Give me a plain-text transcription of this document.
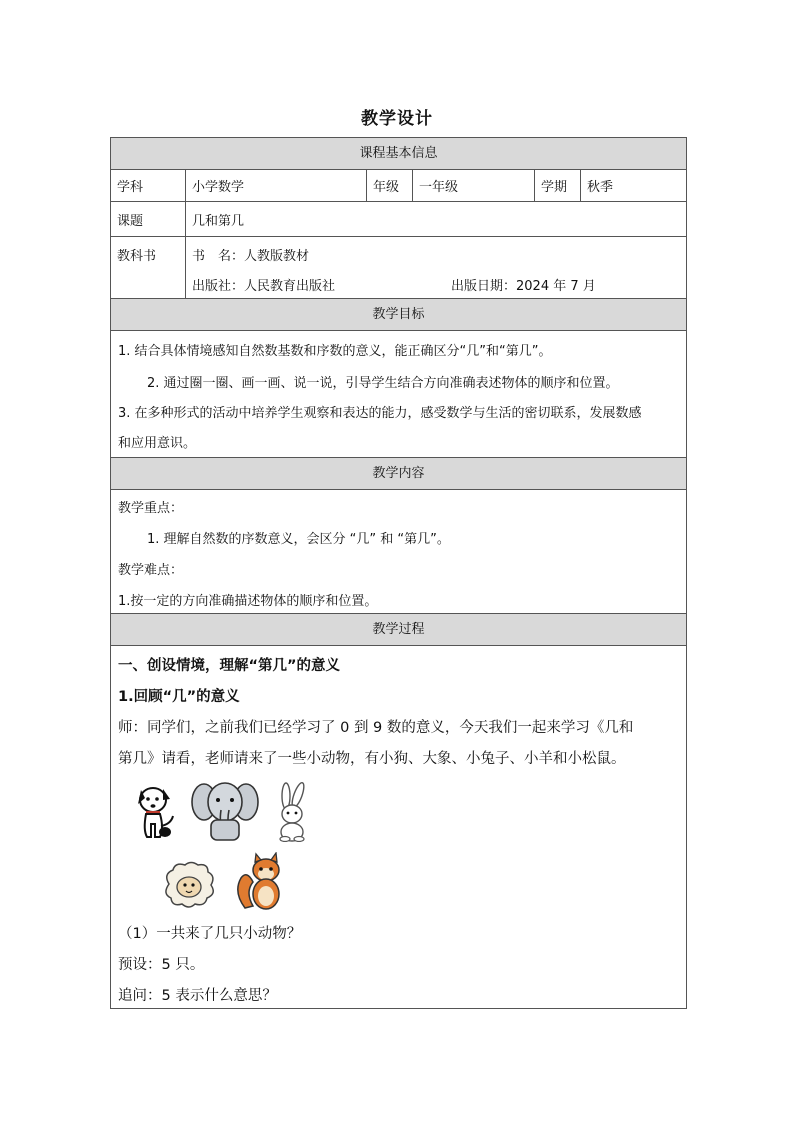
教学设计
课程基本信息
学科	小学数学	年级	一年级	学期	秋季
课题	几和第几
教科书	书　名：人教版教材
出版社：人民教育出版社	出版日期：2024 年 7 月
教学目标
1. 结合具体情境感知自然数基数和序数的意义，能正确区分“几”和“第几”。
2. 通过圈一圈、画一画、说一说，引导学生结合方向准确表述物体的顺序和位置。
3. 在多种形式的活动中培养学生观察和表达的能力，感受数学与生活的密切联系，发展数感
和应用意识。
教学内容
教学重点：
1. 理解自然数的序数意义，会区分 “几” 和 “第几”。
教学难点：
1.按一定的方向准确描述物体的顺序和位置。
教学过程
一、创设情境，理解“第几”的意义
1.回顾“几”的意义
师：同学们，之前我们已经学习了 0 到 9 数的意义，今天我们一起来学习《几和
第几》请看，老师请来了一些小动物，有小狗、大象、小兔子、小羊和小松鼠。
（1）一共来了几只小动物？
预设：5 只。
追问：5 表示什么意思？
